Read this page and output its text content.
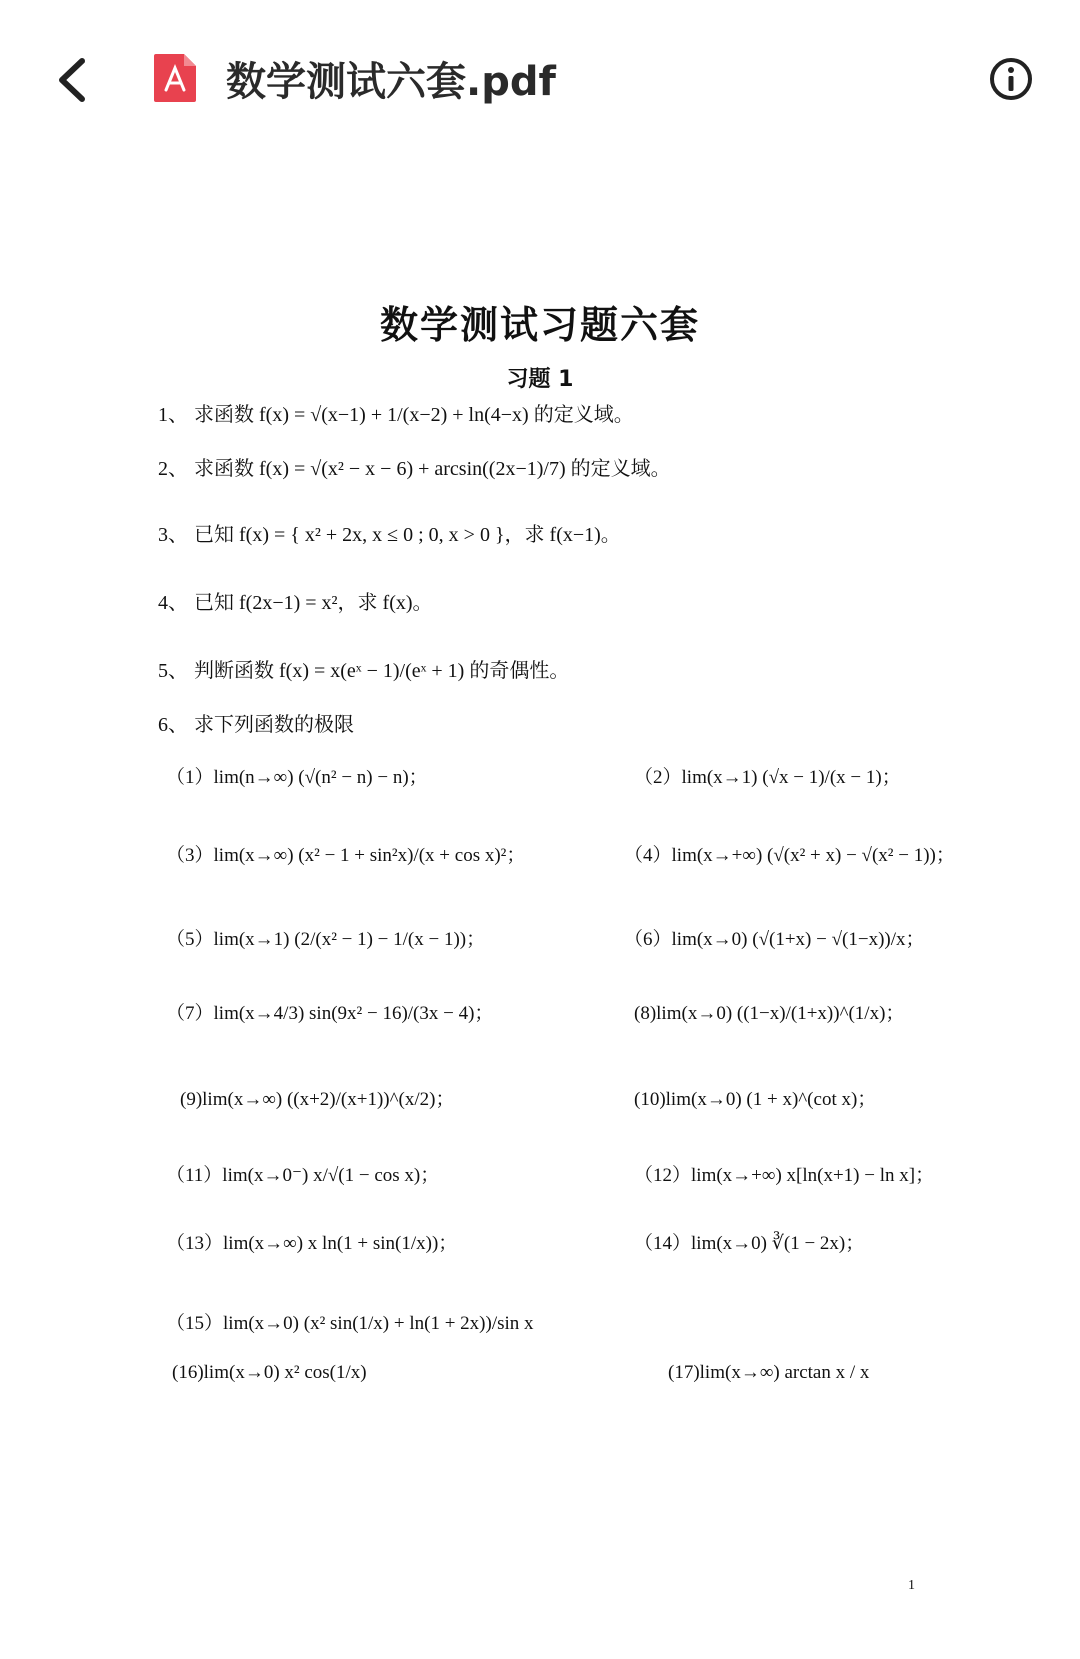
数学测试六套.pdf
数学测试习题六套
习题 1
1、 求函数 f(x) = √(x−1) + 1/(x−2) + ln(4−x) 的定义域。
2、 求函数 f(x) = √(x² − x − 6) + arcsin((2x−1)/7) 的定义域。
3、 已知 f(x) = { x² + 2x, x ≤ 0 ; 0, x > 0 }，求 f(x−1)。
4、 已知 f(2x−1) = x²，求 f(x)。
5、 判断函数 f(x) = x(eˣ − 1)/(eˣ + 1) 的奇偶性。
6、 求下列函数的极限
（1）lim(n→∞) (√(n² − n) − n)；	（2）lim(x→1) (√x − 1)/(x − 1)；
（3）lim(x→∞) (x² − 1 + sin²x)/(x + cos x)²；	（4）lim(x→+∞) (√(x² + x) − √(x² − 1))；
（5）lim(x→1) (2/(x² − 1) − 1/(x − 1))；	（6）lim(x→0) (√(1+x) − √(1−x))/x；
（7）lim(x→4/3) sin(9x² − 16)/(3x − 4)；	(8)lim(x→0) ((1−x)/(1+x))^(1/x)；
(9)lim(x→∞) ((x+2)/(x+1))^(x/2)；	(10)lim(x→0) (1 + x)^(cot x)；
（11）lim(x→0⁻) x/√(1 − cos x)；	（12）lim(x→+∞) x[ln(x+1) − ln x]；
（13）lim(x→∞) x ln(1 + sin(1/x))；	（14）lim(x→0) ∛(1 − 2x)；
（15）lim(x→0) (x² sin(1/x) + ln(1 + 2x))/sin x
(16)lim(x→0) x² cos(1/x)	(17)lim(x→∞) arctan x / x
1
